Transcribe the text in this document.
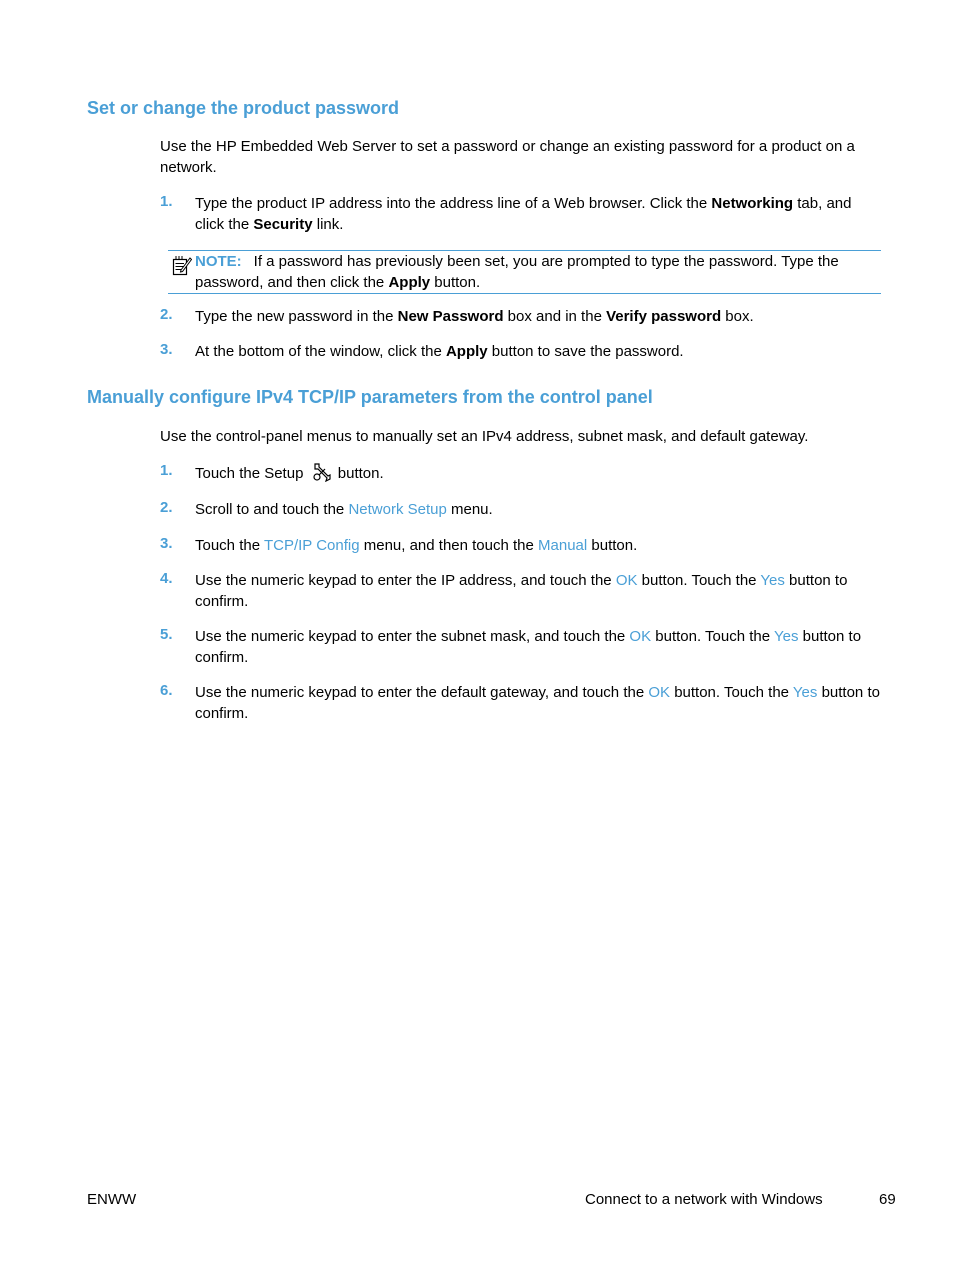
Set or change the product password
Use the HP Embedded Web Server to set a password or change an existing password for a product on a network.
1. Type the product IP address into the address line of a Web browser. Click the Networking tab, and click the Security link.
NOTE: If a password has previously been set, you are prompted to type the password. Type the password, and then click the Apply button.
2. Type the new password in the New Password box and in the Verify password box.
3. At the bottom of the window, click the Apply button to save the password.
Manually configure IPv4 TCP/IP parameters from the control panel
Use the control-panel menus to manually set an IPv4 address, subnet mask, and default gateway.
1. Touch the Setup button.
2. Scroll to and touch the Network Setup menu.
3. Touch the TCP/IP Config menu, and then touch the Manual button.
4. Use the numeric keypad to enter the IP address, and touch the OK button. Touch the Yes button to confirm.
5. Use the numeric keypad to enter the subnet mask, and touch the OK button. Touch the Yes button to confirm.
6. Use the numeric keypad to enter the default gateway, and touch the OK button. Touch the Yes button to confirm.
ENWW	Connect to a network with Windows	69
